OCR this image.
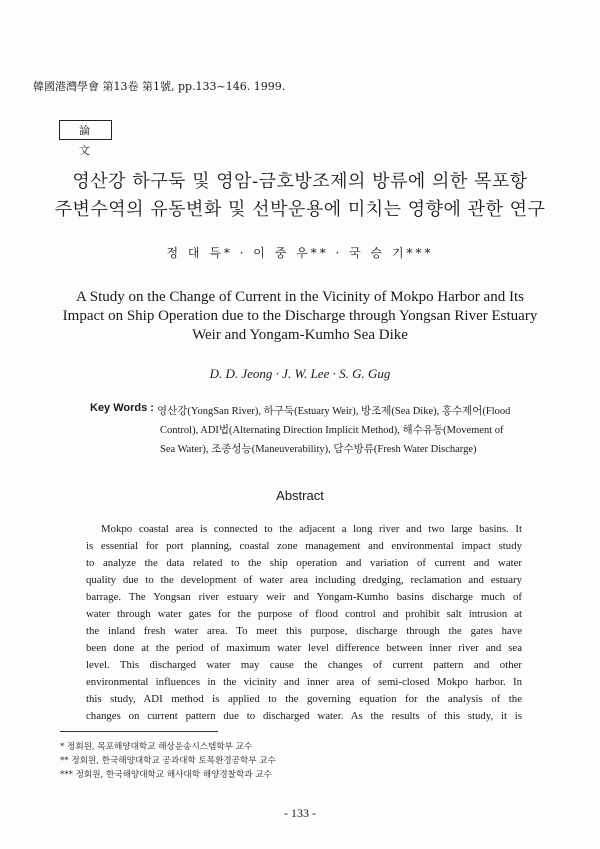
韓國港灣學會 第13卷 第1號, pp.133~146. 1999.
論 文
영산강 하구둑 및 영암-금호방조제의 방류에 의한 목포항
주변수역의 유동변화 및 선박운용에 미치는 영향에 관한 연구
정 대 득* · 이 중 우** · 국 승 기***
A Study on the Change of Current in the Vicinity of Mokpo Harbor and Its
Impact on Ship Operation due to the Discharge through Yongsan River Estuary
Weir and Yongam-Kumho Sea Dike
D. D. Jeong · J. W. Lee · S. G. Gug
Key Words : 영산강(YongSan River), 하구둑(Estuary Weir), 방조제(Sea Dike), 홍수제어(Flood
Control), ADI법(Alternating Direction Implicit Method), 해수유동(Movement of
Sea Water), 조종성능(Maneuverability), 담수방류(Fresh Water Discharge)
Abstract
Mokpo coastal area is connected to the adjacent a long river and two large basins. It
is essential for port planning, coastal zone management and environmental impact study
to analyze the data related to the ship operation and variation of current and water
quality due to the development of water area including dredging, reclamation and estuary
barrage. The Yongsan river estuary weir and Yongam-Kumho basins discharge much of
water through water gates for the purpose of flood control and prohibit salt intrusion at
the inland fresh water area. To meet this purpose, discharge through the gates have
been done at the period of maximum water level difference between inner river and sea
level. This discharged water may cause the changes of current pattern and other
environmental influences in the vicinity and inner area of semi-closed Mokpo harbor. In
this study, ADI method is applied to the governing equation for the analysis of the
changes on current pattern due to discharged water. As the results of this study, it is
* 정회원, 목포해양대학교 해상운송시스템학부 교수
** 정회원, 한국해양대학교 공과대학 토목환경공학부 교수
*** 정회원, 한국해양대학교 해사대학 해양경찰학과 교수
- 133 -
